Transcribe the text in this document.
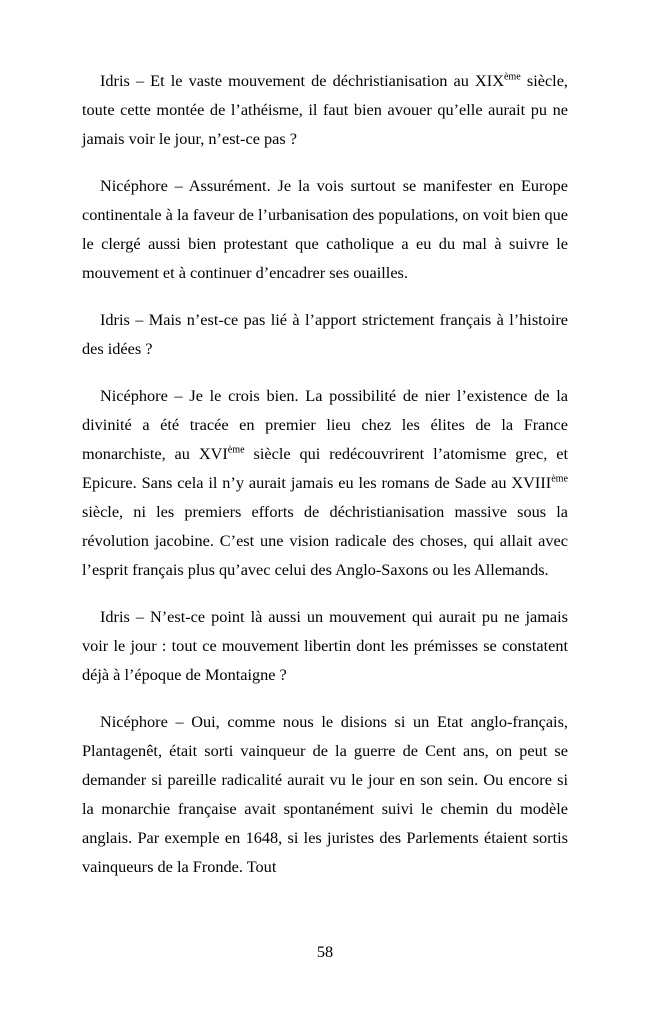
Idris – Et le vaste mouvement de déchristianisation au XIXème siècle, toute cette montée de l’athéisme, il faut bien avouer qu’elle aurait pu ne jamais voir le jour, n’est-ce pas ?

Nicéphore – Assurément. Je la vois surtout se manifester en Europe continentale à la faveur de l’urbanisation des populations, on voit bien que le clergé aussi bien protestant que catholique a eu du mal à suivre le mouvement et à continuer d’encadrer ses ouailles.

Idris – Mais n’est-ce pas lié à l’apport strictement français à l’histoire des idées ?

Nicéphore – Je le crois bien. La possibilité de nier l’existence de la divinité a été tracée en premier lieu chez les élites de la France monarchiste, au XVIème siècle qui redécouvrirent l’atomisme grec, et Epicure. Sans cela il n’y aurait jamais eu les romans de Sade au XVIIIème siècle, ni les premiers efforts de déchristianisation massive sous la révolution jacobine. C’est une vision radicale des choses, qui allait avec l’esprit français plus qu’avec celui des Anglo-Saxons ou les Allemands.

Idris – N’est-ce point là aussi un mouvement qui aurait pu ne jamais voir le jour : tout ce mouvement libertin dont les prémisses se constatent déjà à l’époque de Montaigne ?

Nicéphore – Oui, comme nous le disions si un Etat anglo-français, Plantagenêt, était sorti vainqueur de la guerre de Cent ans, on peut se demander si pareille radicalité aurait vu le jour en son sein. Ou encore si la monarchie française avait spontanément suivi le chemin du modèle anglais. Par exemple en 1648, si les juristes des Parlements étaient sortis vainqueurs de la Fronde. Tout

58
